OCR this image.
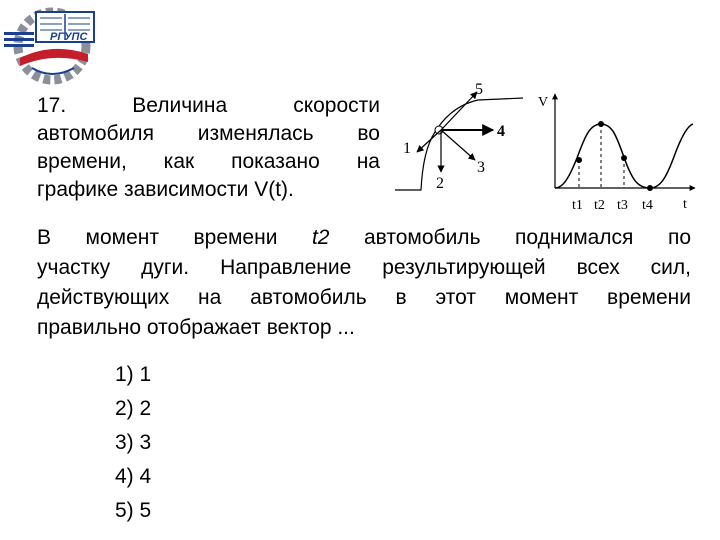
РГУПС
17. Величина скорости
автомобиля изменялась во
времени, как показано на
графике зависимости V(t).
1
2
3
4
5
V
t
t1 t2 t3 t4
В момент времени t2 автомобиль поднимался по
участку дуги. Направление результирующей всех сил,
действующих на автомобиль в этот момент времени
правильно отображает вектор ...
1) 1
2) 2
3) 3
4) 4
5) 5
